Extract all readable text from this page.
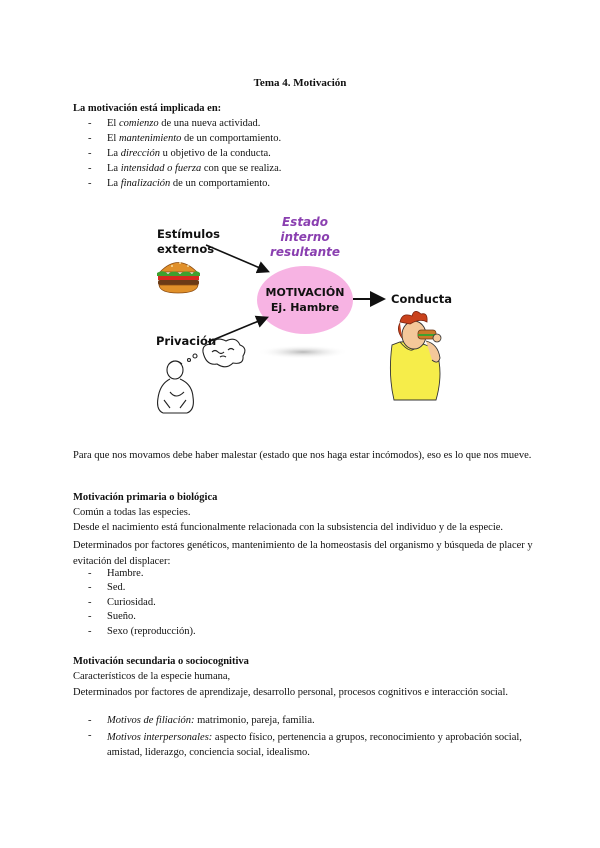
Tema 4. Motivación
La motivación está implicada en:
- El comienzo de una nueva actividad.
- El mantenimiento de un comportamiento.
- La dirección u objetivo de la conducta.
- La intensidad o fuerza con que se realiza.
- La finalización de un comportamiento.
Estímulos
externos
Estado
interno
resultante
MOTIVACIÓN
Ej. Hambre
Conducta
Privación
Para que nos movamos debe haber malestar (estado que nos haga estar incómodos), eso es lo que nos mueve.
Motivación primaria o biológica
Común a todas las especies.
Desde el nacimiento está funcionalmente relacionada con la subsistencia del individuo y de la especie.
Determinados por factores genéticos, mantenimiento de la homeostasis del organismo y búsqueda de placer y evitación del displacer:
- Hambre.
- Sed.
- Curiosidad.
- Sueño.
- Sexo (reproducción).
Motivación secundaria o sociocognitiva
Característicos de la especie humana,
Determinados por factores de aprendizaje, desarrollo personal, procesos cognitivos e interacción social.
- Motivos de filiación: matrimonio, pareja, familia.
- Motivos interpersonales: aspecto físico, pertenencia a grupos, reconocimiento y aprobación social, amistad, liderazgo, conciencia social, idealismo.
